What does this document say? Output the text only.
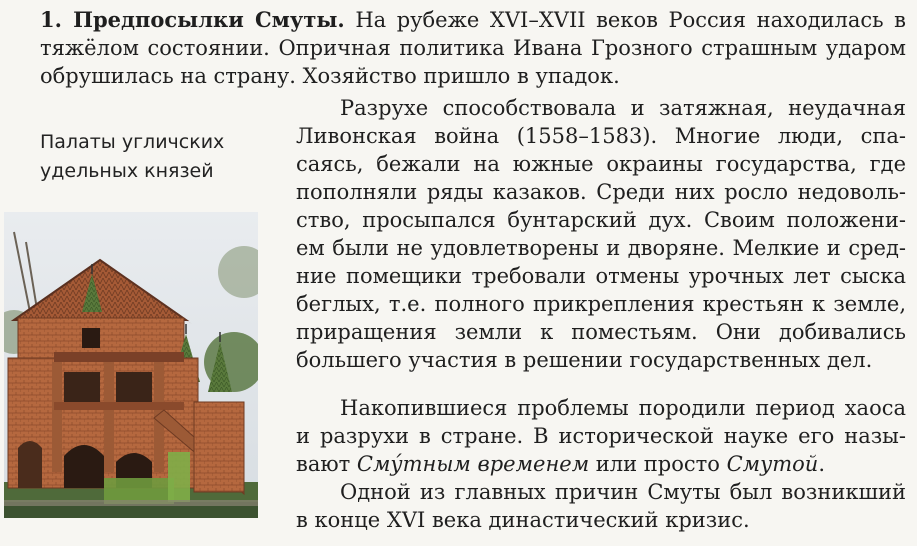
1. Предпосылки Смуты. На рубеже XVI–XVII веков Россия находилась в
тяжёлом состоянии. Опричная политика Ивана Грозного страшным ударом
обрушилась на страну. Хозяйство пришло в упадок.
Палаты угличских
удельных князей
Разрухе способствовала и затяжная, неудачная
Ливонская война (1558–1583). Многие люди, спа-
саясь, бежали на южные окраины государства, где
пополняли ряды казаков. Среди них росло недоволь-
ство, просыпался бунтарский дух. Своим положени-
ем были не удовлетворены и дворяне. Мелкие и сред-
ние помещики требовали отмены урочных лет сыска
беглых, т.е. полного прикрепления крестьян к земле,
приращения земли к поместьям. Они добивались
большего участия в решении государственных дел.
Накопившиеся проблемы породили период хаоса
и разрухи в стране. В исторической науке его назы-
вают Сму́тным временем или просто Смутой.
Одной из главных причин Смуты был возникший
в конце XVI века династический кризис.
